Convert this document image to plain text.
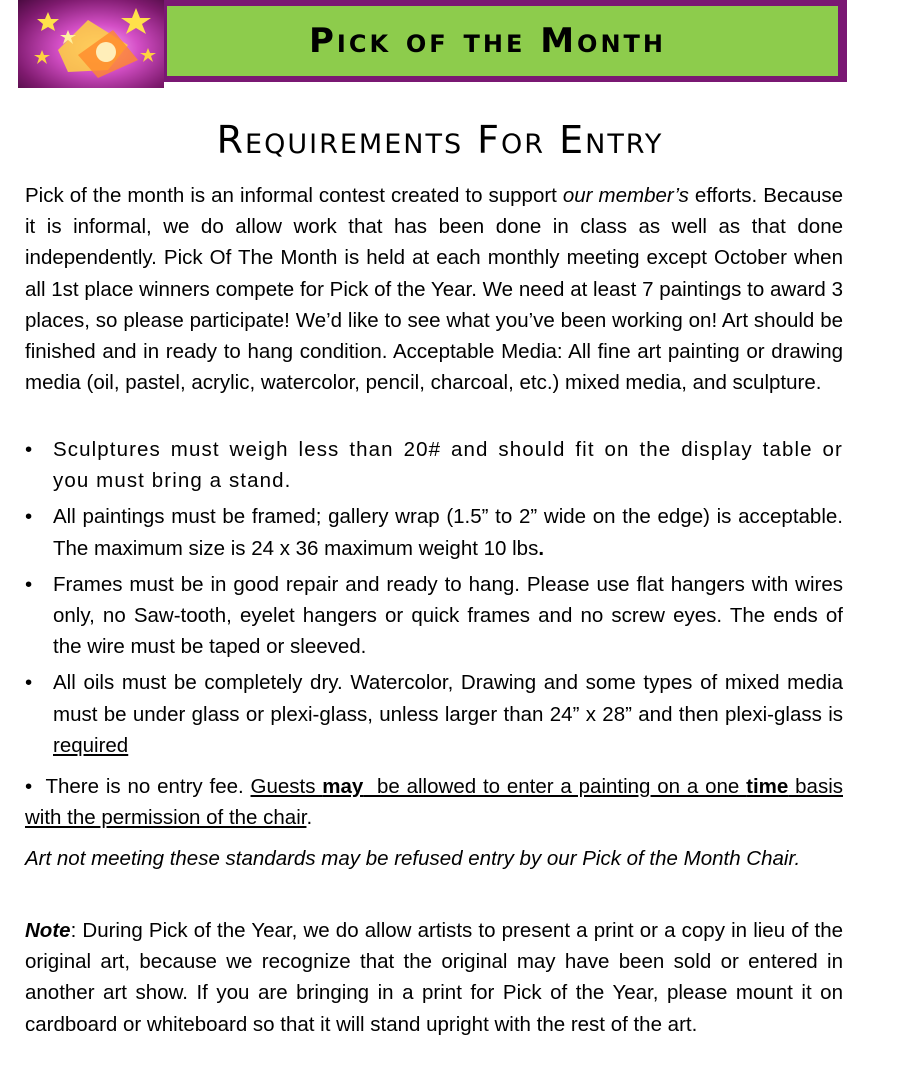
Pick of the Month
Requirements For Entry
Pick of the month is an informal contest created to support our member’s efforts. Because it is informal, we do allow work that has been done in class as well as that done independently. Pick Of The Month is held at each monthly meeting except October when all 1st place winners compete for Pick of the Year. We need at least 7 paintings to award 3 places, so please participate! We’d like to see what you’ve been working on! Art should be finished and in ready to hang condition. Acceptable Media: All fine art painting or drawing media (oil, pastel, acrylic, watercolor, pencil, charcoal, etc.) mixed media, and sculpture.
• Sculptures must weigh less than 20# and should fit on the display table or you must bring a stand.
• All paintings must be framed; gallery wrap (1.5” to 2” wide on the edge) is acceptable. The maximum size is 24 x 36 maximum weight 10 lbs.
• Frames must be in good repair and ready to hang. Please use flat hangers with wires only, no Saw-tooth, eyelet hangers or quick frames and no screw eyes. The ends of the wire must be taped or sleeved.
• All oils must be completely dry. Watercolor, Drawing and some types of mixed media must be under glass or plexi-glass, unless larger than 24” x 28” and then plexi-glass is required
•  There is no entry fee. Guests may  be allowed to enter a painting on a one time basis with the permission of the chair.
Art not meeting these standards may be refused entry by our Pick of the Month Chair.
Note: During Pick of the Year, we do allow artists to present a print or a copy in lieu of the original art, because we recognize that the original may have been sold or entered in another art show. If you are bringing in a print for Pick of the Year, please mount it on cardboard or whiteboard so that it will stand upright with the rest of the art.
